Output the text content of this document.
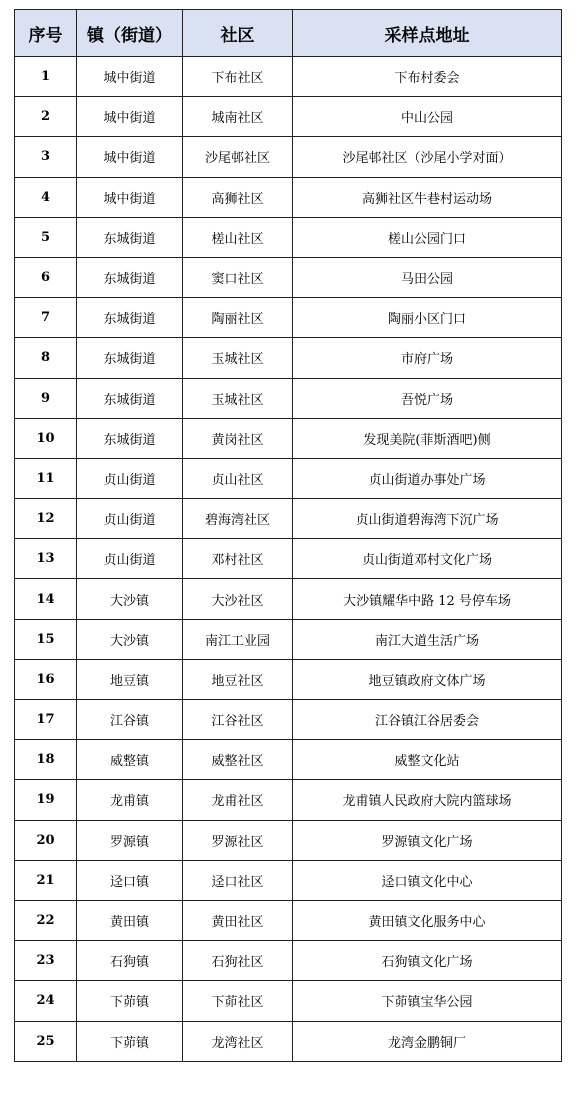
序号	镇（街道）	社区	采样点地址
1	城中街道	下布社区	下布村委会
2	城中街道	城南社区	中山公园
3	城中街道	沙尾邨社区	沙尾邨社区（沙尾小学对面）
4	城中街道	高狮社区	高狮社区牛巷村运动场
5	东城街道	槎山社区	槎山公园门口
6	东城街道	窦口社区	马田公园
7	东城街道	陶丽社区	陶丽小区门口
8	东城街道	玉城社区	市府广场
9	东城街道	玉城社区	吾悦广场
10	东城街道	黄岗社区	发现美院(菲斯酒吧)侧
11	贞山街道	贞山社区	贞山街道办事处广场
12	贞山街道	碧海湾社区	贞山街道碧海湾下沉广场
13	贞山街道	邓村社区	贞山街道邓村文化广场
14	大沙镇	大沙社区	大沙镇耀华中路 12 号停车场
15	大沙镇	南江工业园	南江大道生活广场
16	地豆镇	地豆社区	地豆镇政府文体广场
17	江谷镇	江谷社区	江谷镇江谷居委会
18	威整镇	威整社区	威整文化站
19	龙甫镇	龙甫社区	龙甫镇人民政府大院内篮球场
20	罗源镇	罗源社区	罗源镇文化广场
21	迳口镇	迳口社区	迳口镇文化中心
22	黄田镇	黄田社区	黄田镇文化服务中心
23	石狗镇	石狗社区	石狗镇文化广场
24	下茆镇	下茆社区	下茆镇宝华公园
25	下茆镇	龙湾社区	龙湾金鹏铜厂
